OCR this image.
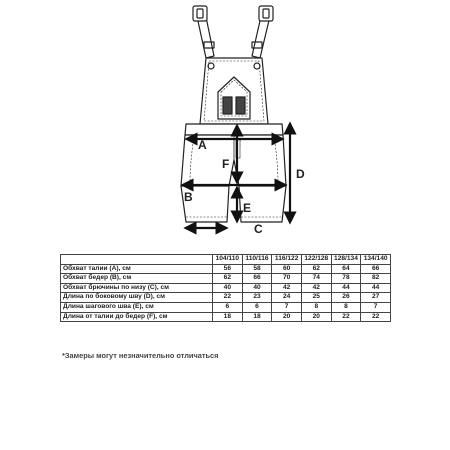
A
B
C
D
E
F
	104/110	110/116	116/122	122/128	128/134	134/140
Обхват талии (А), см	56	58	60	62	64	66
Обхват бедер (В), см	62	66	70	74	78	82
Обхват брючины по низу (С), см	40	40	42	42	44	44
Длина по боковому шву (D), см	22	23	24	25	26	27
Длина шагового шва (E), см	6	6	7	8	8	7
Длина от талии до бедер (F), см	18	18	20	20	22	22
*Замеры могут незначительно отличаться
